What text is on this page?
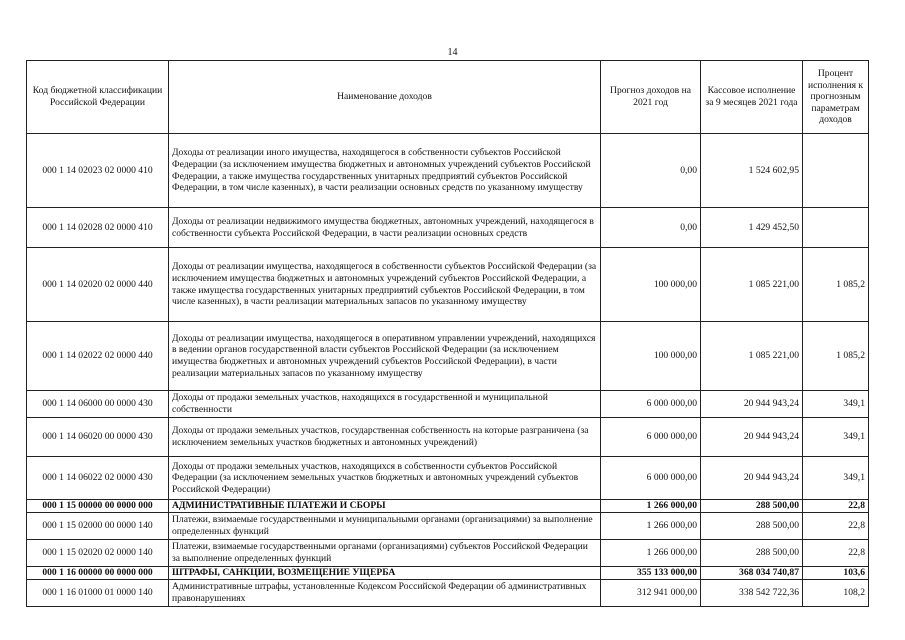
14
Код бюджетной классификации Российской Федерации	Наименование доходов	Прогноз доходов на 2021 год	Кассовое исполнение за 9 месяцев 2021 года	Процент исполнения к прогнозным параметрам доходов
000 1 14 02023 02 0000 410	Доходы от реализации иного имущества, находящегося в собственности субъектов Российской Федерации (за исключением имущества бюджетных и автономных учреждений субъектов Российской Федерации, а также имущества государственных унитарных предприятий субъектов Российской Федерации, в том числе казенных), в части реализации основных средств по указанному имуществу	0,00	1 524 602,95	
000 1 14 02028 02 0000 410	Доходы от реализации недвижимого имущества бюджетных, автономных учреждений, находящегося в собственности субъекта Российской Федерации, в части реализации основных средств	0,00	1 429 452,50	
000 1 14 02020 02 0000 440	Доходы от реализации имущества, находящегося в собственности субъектов Российской Федерации (за исключением имущества бюджетных и автономных учреждений субъектов Российской Федерации, а также имущества государственных унитарных предприятий субъектов Российской Федерации, в том числе казенных), в части реализации материальных запасов по указанному имуществу	100 000,00	1 085 221,00	1 085,2
000 1 14 02022 02 0000 440	Доходы от реализации имущества, находящегося в оперативном управлении учреждений, находящихся в ведении органов государственной власти субъектов Российской Федерации (за исключением имущества бюджетных и автономных учреждений субъектов Российской Федерации), в части реализации материальных запасов по указанному имуществу	100 000,00	1 085 221,00	1 085,2
000 1 14 06000 00 0000 430	Доходы от продажи земельных участков, находящихся в государственной и муниципальной собственности	6 000 000,00	20 944 943,24	349,1
000 1 14 06020 00 0000 430	Доходы от продажи земельных участков, государственная собственность на которые разграничена (за исключением земельных участков бюджетных и автономных учреждений)	6 000 000,00	20 944 943,24	349,1
000 1 14 06022 02 0000 430	Доходы от продажи земельных участков, находящихся в собственности субъектов Российской Федерации (за исключением земельных участков бюджетных и автономных учреждений субъектов Российской Федерации)	6 000 000,00	20 944 943,24	349,1
000 1 15 00000 00 0000 000	АДМИНИСТРАТИВНЫЕ ПЛАТЕЖИ И СБОРЫ	1 266 000,00	288 500,00	22,8
000 1 15 02000 00 0000 140	Платежи, взимаемые государственными и муниципальными органами (организациями) за выполнение определенных функций	1 266 000,00	288 500,00	22,8
000 1 15 02020 02 0000 140	Платежи, взимаемые государственными органами (организациями) субъектов Российской Федерации за выполнение определенных функций	1 266 000,00	288 500,00	22,8
000 1 16 00000 00 0000 000	ШТРАФЫ, САНКЦИИ, ВОЗМЕЩЕНИЕ УЩЕРБА	355 133 000,00	368 034 740,87	103,6
000 1 16 01000 01 0000 140	Административные штрафы, установленные Кодексом Российской Федерации об административных правонарушениях	312 941 000,00	338 542 722,36	108,2
